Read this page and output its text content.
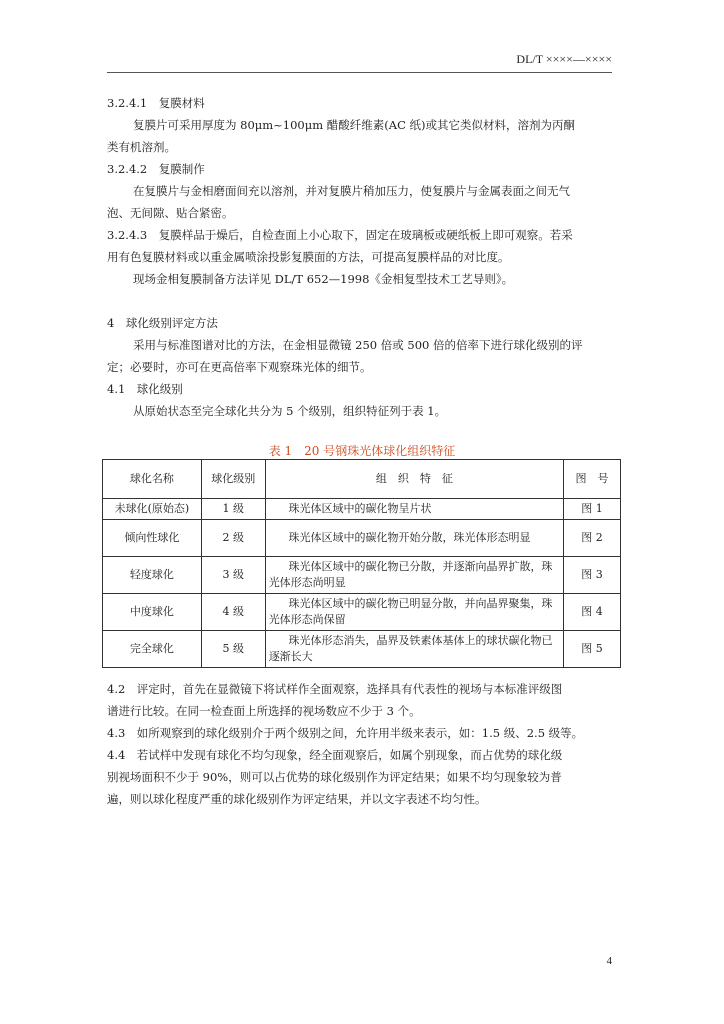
DL/T ××××—××××
3.2.4.1　复膜材料
复膜片可采用厚度为 80μm~100μm 醋酸纤维素(AC 纸)或其它类似材料，溶剂为丙酮
类有机溶剂。
3.2.4.2　复膜制作
在复膜片与金相磨面间充以溶剂，并对复膜片稍加压力，使复膜片与金属表面之间无气
泡、无间隙、贴合紧密。
3.2.4.3　复膜样品于燥后，自检查面上小心取下，固定在玻璃板或硬纸板上即可观察。若采
用有色复膜材料或以重金属喷涂投影复膜面的方法，可提高复膜样品的对比度。
现场金相复膜制备方法详见 DL/T 652—1998《金相复型技术工艺导则》。
4　球化级别评定方法
采用与标准图谱对比的方法，在金相显微镜 250 倍或 500 倍的倍率下进行球化级别的评
定；必要时，亦可在更高倍率下观察珠光体的细节。
4.1　球化级别
从原始状态至完全球化共分为 5 个级别，组织特征列于表 1。
表 1　20 号钢珠光体球化组织特征
球化名称	球化级别	组　织　特　征	图　号
未球化(原始态)	1 级	珠光体区域中的碳化物呈片状	图 1
倾向性球化	2 级	珠光体区域中的碳化物开始分散，珠光体形态明显	图 2
轻度球化	3 级	珠光体区域中的碳化物已分散，并逐渐向晶界扩散，珠光体形态尚明显	图 3
中度球化	4 级	珠光体区域中的碳化物已明显分散，并向晶界聚集，珠光体形态尚保留	图 4
完全球化	5 级	珠光体形态消失，晶界及铁素体基体上的球状碳化物已逐渐长大	图 5
4.2　评定时，首先在显微镜下将试样作全面观察，选择具有代表性的视场与本标准评级图
谱进行比较。在同一检查面上所选择的视场数应不少于 3 个。
4.3　如所观察到的球化级别介于两个级别之间，允许用半级来表示，如：1.5 级、2.5 级等。
4.4　若试样中发现有球化不均匀现象，经全面观察后，如属个别现象，而占优势的球化级
别视场面积不少于 90%，则可以占优势的球化级别作为评定结果；如果不均匀现象较为普
遍，则以球化程度严重的球化级别作为评定结果，并以文字表述不均匀性。
4
